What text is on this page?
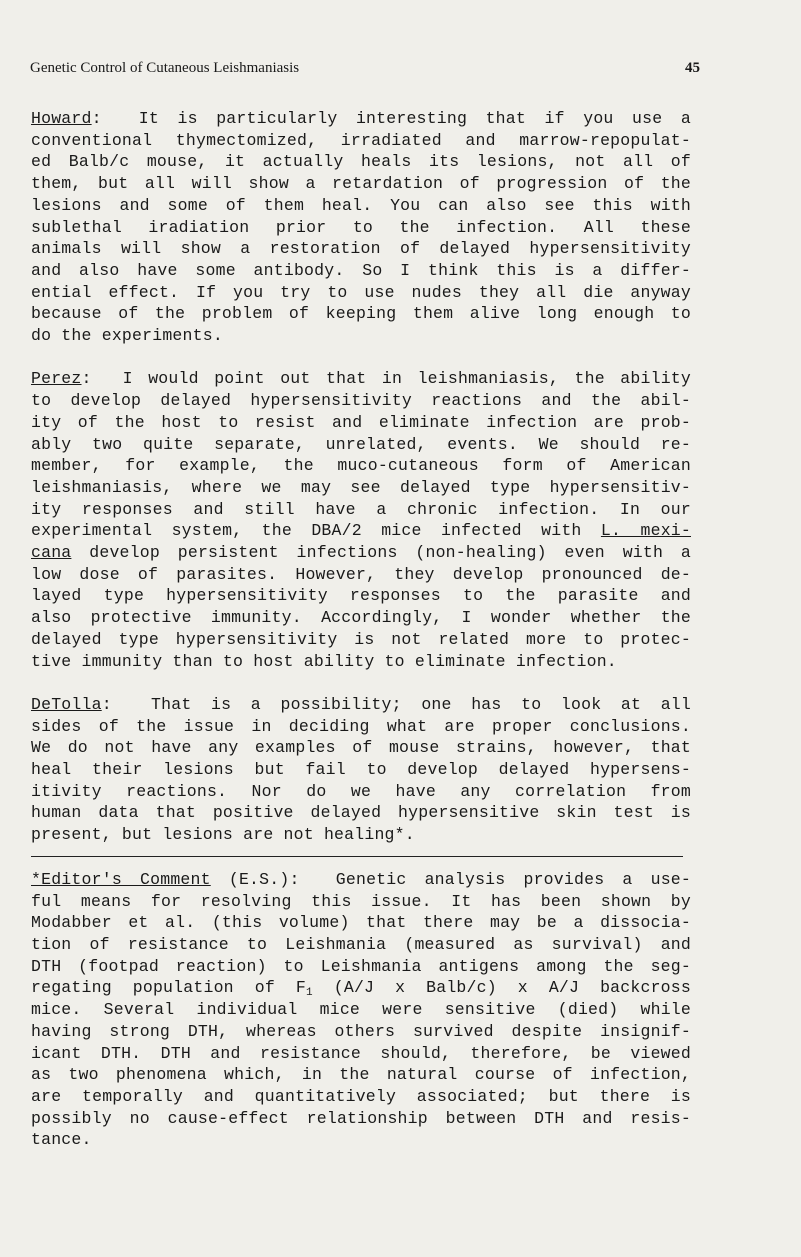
Genetic Control of Cutaneous Leishmaniasis	45
Howard:  It is particularly interesting that if you use a
conventional thymectomized, irradiated and marrow-repopulat-
ed Balb/c mouse, it actually heals its lesions, not all of
them, but all will show a retardation of progression of the
lesions and some of them heal. You can also see this with
sublethal iradiation prior to the infection. All these
animals will show a restoration of delayed hypersensitivity
and also have some antibody. So I think this is a differ-
ential effect. If you try to use nudes they all die anyway
because of the problem of keeping them alive long enough to
do the experiments.
Perez:  I would point out that in leishmaniasis, the ability
to develop delayed hypersensitivity reactions and the abil-
ity of the host to resist and eliminate infection are prob-
ably two quite separate, unrelated, events. We should re-
member, for example, the muco-cutaneous form of American
leishmaniasis, where we may see delayed type hypersensitiv-
ity responses and still have a chronic infection. In our
experimental system, the DBA/2 mice infected with L. mexi-
cana develop persistent infections (non-healing) even with a
low dose of parasites. However, they develop pronounced de-
layed type hypersensitivity responses to the parasite and
also protective immunity. Accordingly, I wonder whether the
delayed type hypersensitivity is not related more to protec-
tive immunity than to host ability to eliminate infection.
DeTolla:  That is a possibility; one has to look at all
sides of the issue in deciding what are proper conclusions.
We do not have any examples of mouse strains, however, that
heal their lesions but fail to develop delayed hypersens-
itivity reactions. Nor do we have any correlation from
human data that positive delayed hypersensitive skin test is
present, but lesions are not healing*.
*Editor's Comment (E.S.): Genetic analysis provides a use-
ful means for resolving this issue. It has been shown by
Modabber et al. (this volume) that there may be a dissocia-
tion of resistance to Leishmania (measured as survival) and
DTH (footpad reaction) to Leishmania antigens among the seg-
regating population of $F_1$ (A/J x Balb/c) x A/J backcross
mice. Several individual mice were sensitive (died) while
having strong DTH, whereas others survived despite insignif-
icant DTH. DTH and resistance should, therefore, be viewed
as two phenomena which, in the natural course of infection,
are temporally and quantitatively associated; but there is
possibly no cause-effect relationship between DTH and resis-
tance.
